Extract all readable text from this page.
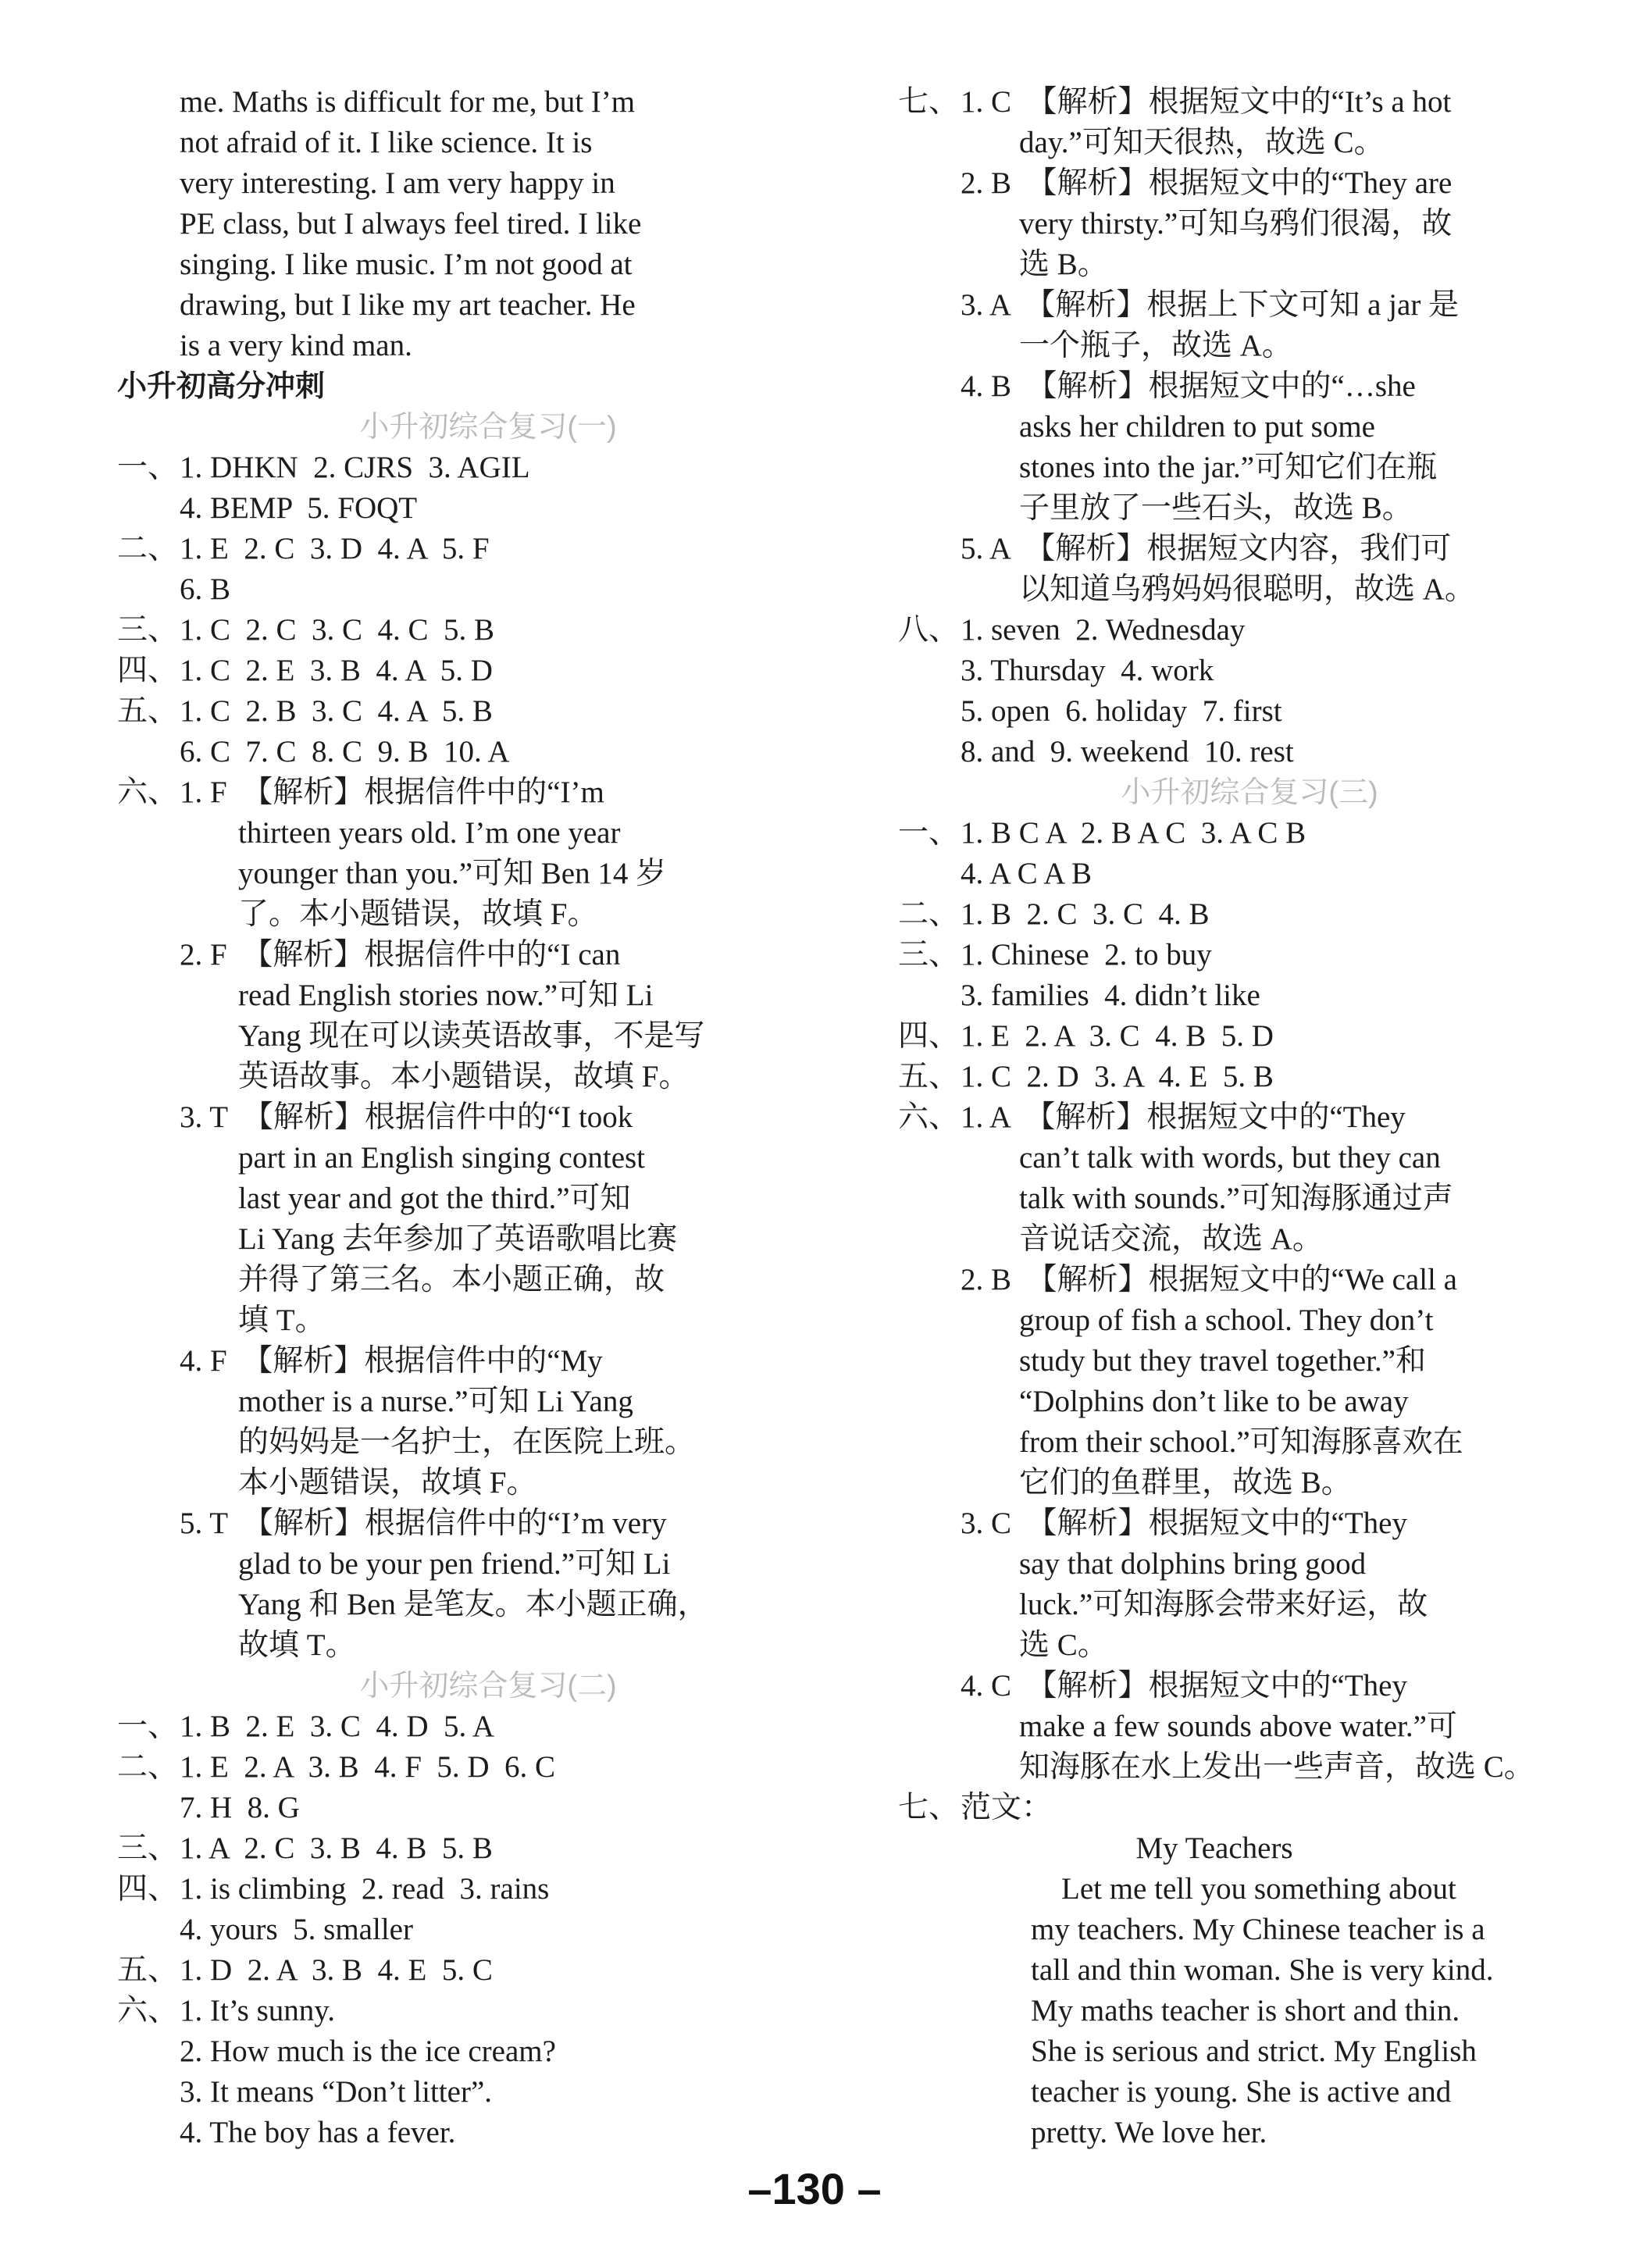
me. Maths is difficult for me, but I’m
not afraid of it. I like science. It is
very interesting. I am very happy in
PE class, but I always feel tired. I like
singing. I like music. I’m not good at
drawing, but I like my art teacher. He
is a very kind man.
小升初高分冲刺
小升初综合复习(一)
一、 1. DHKN  2. CJRS  3. AGIL
4. BEMP  5. FOQT
二、 1. E  2. C  3. D  4. A  5. F
6. B
三、 1. C  2. C  3. C  4. C  5. B
四、 1. C  2. E  3. B  4. A  5. D
五、 1. C  2. B  3. C  4. A  5. B
6. C  7. C  8. C  9. B  10. A
六、 1. F  【解析】根据信件中的“I’m
thirteen years old. I’m one year
younger than you.”可知 Ben 14 岁
了。本小题错误，故填 F。
2. F  【解析】根据信件中的“I can
read English stories now.”可知 Li
Yang 现在可以读英语故事，不是写
英语故事。本小题错误，故填 F。
3. T  【解析】根据信件中的“I took
part in an English singing contest
last year and got the third.”可知
Li Yang 去年参加了英语歌唱比赛
并得了第三名。本小题正确，故
填 T。
4. F  【解析】根据信件中的“My
mother is a nurse.”可知 Li Yang
的妈妈是一名护士，在医院上班。
本小题错误，故填 F。
5. T  【解析】根据信件中的“I’m very
glad to be your pen friend.”可知 Li
Yang 和 Ben 是笔友。本小题正确，
故填 T。
小升初综合复习(二)
一、 1. B  2. E  3. C  4. D  5. A
二、 1. E  2. A  3. B  4. F  5. D  6. C
7. H  8. G
三、 1. A  2. C  3. B  4. B  5. B
四、 1. is climbing  2. read  3. rains
4. yours  5. smaller
五、 1. D  2. A  3. B  4. E  5. C
六、 1. It’s sunny.
2. How much is the ice cream?
3. It means “Don’t litter”.
4. The boy has a fever.
七、 1. C  【解析】根据短文中的“It’s a hot
day.”可知天很热，故选 C。
2. B  【解析】根据短文中的“They are
very thirsty.”可知乌鸦们很渴，故
选 B。
3. A  【解析】根据上下文可知 a jar 是
一个瓶子，故选 A。
4. B  【解析】根据短文中的“…she
asks her children to put some
stones into the jar.”可知它们在瓶
子里放了一些石头，故选 B。
5. A  【解析】根据短文内容，我们可
以知道乌鸦妈妈很聪明，故选 A。
八、 1. seven  2. Wednesday
3. Thursday  4. work
5. open  6. holiday  7. first
8. and  9. weekend  10. rest
小升初综合复习(三)
一、 1. B C A  2. B A C  3. A C B
4. A C A B
二、 1. B  2. C  3. C  4. B
三、 1. Chinese  2. to buy
3. families  4. didn’t like
四、 1. E  2. A  3. C  4. B  5. D
五、 1. C  2. D  3. A  4. E  5. B
六、 1. A  【解析】根据短文中的“They
can’t talk with words, but they can
talk with sounds.”可知海豚通过声
音说话交流，故选 A。
2. B  【解析】根据短文中的“We call a
group of fish a school. They don’t
study but they travel together.”和
“Dolphins don’t like to be away
from their school.”可知海豚喜欢在
它们的鱼群里，故选 B。
3. C  【解析】根据短文中的“They
say that dolphins bring good
luck.”可知海豚会带来好运，故
选 C。
4. C  【解析】根据短文中的“They
make a few sounds above water.”可
知海豚在水上发出一些声音，故选 C。
七、 范文：
My Teachers
Let me tell you something about
my teachers. My Chinese teacher is a
tall and thin woman. She is very kind.
My maths teacher is short and thin.
She is serious and strict. My English
teacher is young. She is active and
pretty. We love her.
–130 –
